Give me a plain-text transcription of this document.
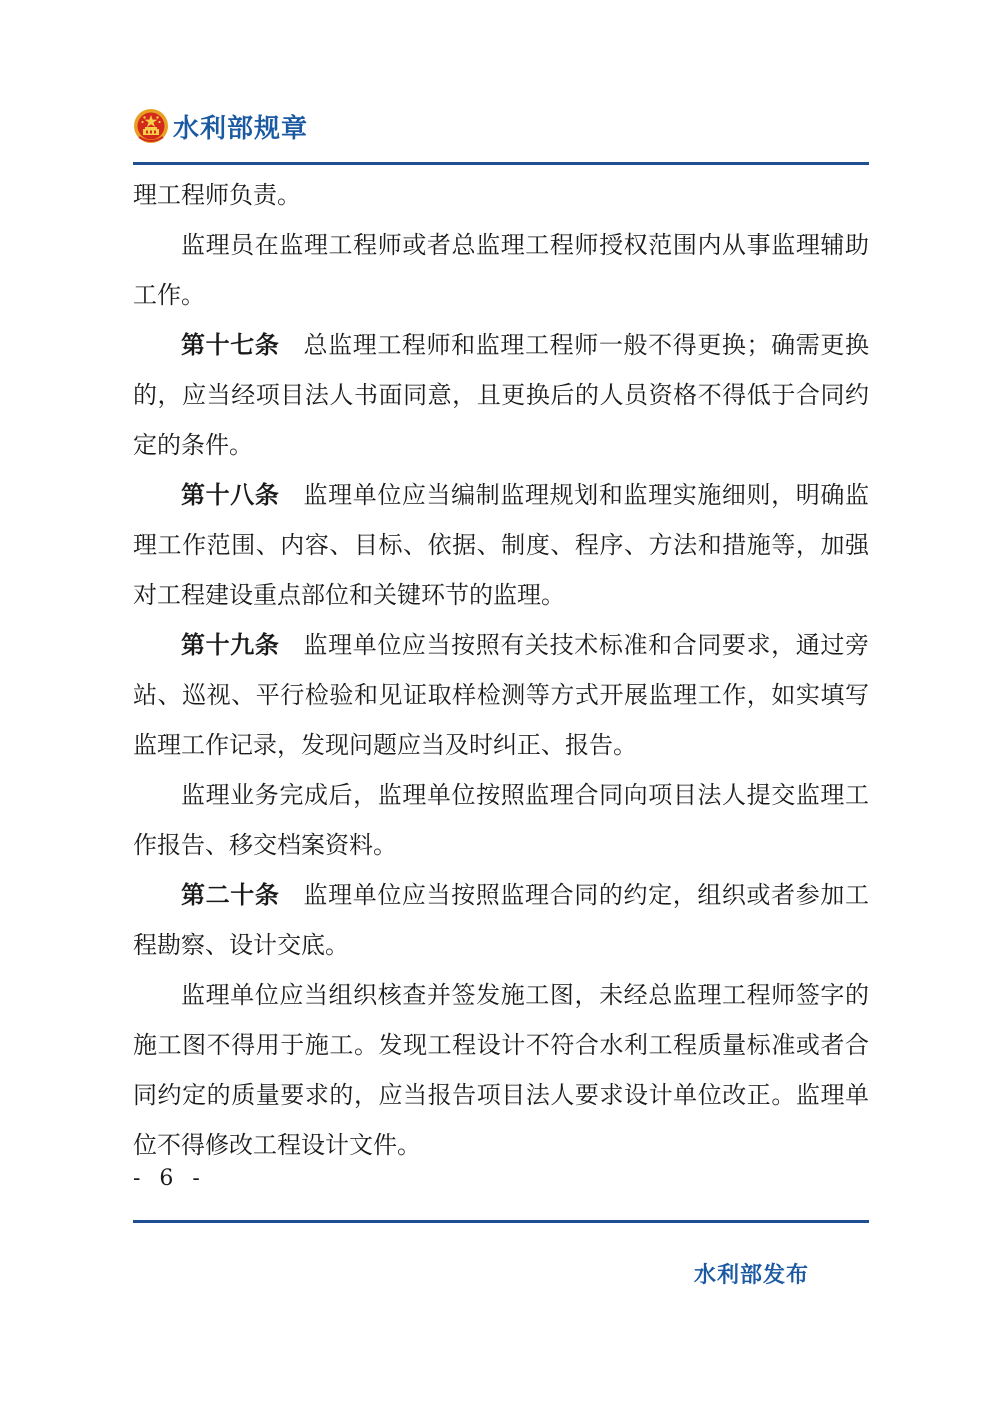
水利部规章

理工程师负责。

监理员在监理工程师或者总监理工程师授权范围内从事监理辅助工作。

第十七条 总监理工程师和监理工程师一般不得更换；确需更换的，应当经项目法人书面同意，且更换后的人员资格不得低于合同约定的条件。

第十八条 监理单位应当编制监理规划和监理实施细则，明确监理工作范围、内容、目标、依据、制度、程序、方法和措施等，加强对工程建设重点部位和关键环节的监理。

第十九条 监理单位应当按照有关技术标准和合同要求，通过旁站、巡视、平行检验和见证取样检测等方式开展监理工作，如实填写监理工作记录，发现问题应当及时纠正、报告。

监理业务完成后，监理单位按照监理合同向项目法人提交监理工作报告、移交档案资料。

第二十条 监理单位应当按照监理合同的约定，组织或者参加工程勘察、设计交底。

监理单位应当组织核查并签发施工图，未经总监理工程师签字的施工图不得用于施工。发现工程设计不符合水利工程质量标准或者合同约定的质量要求的，应当报告项目法人要求设计单位改正。监理单位不得修改工程设计文件。

- 6 -
水利部发布
